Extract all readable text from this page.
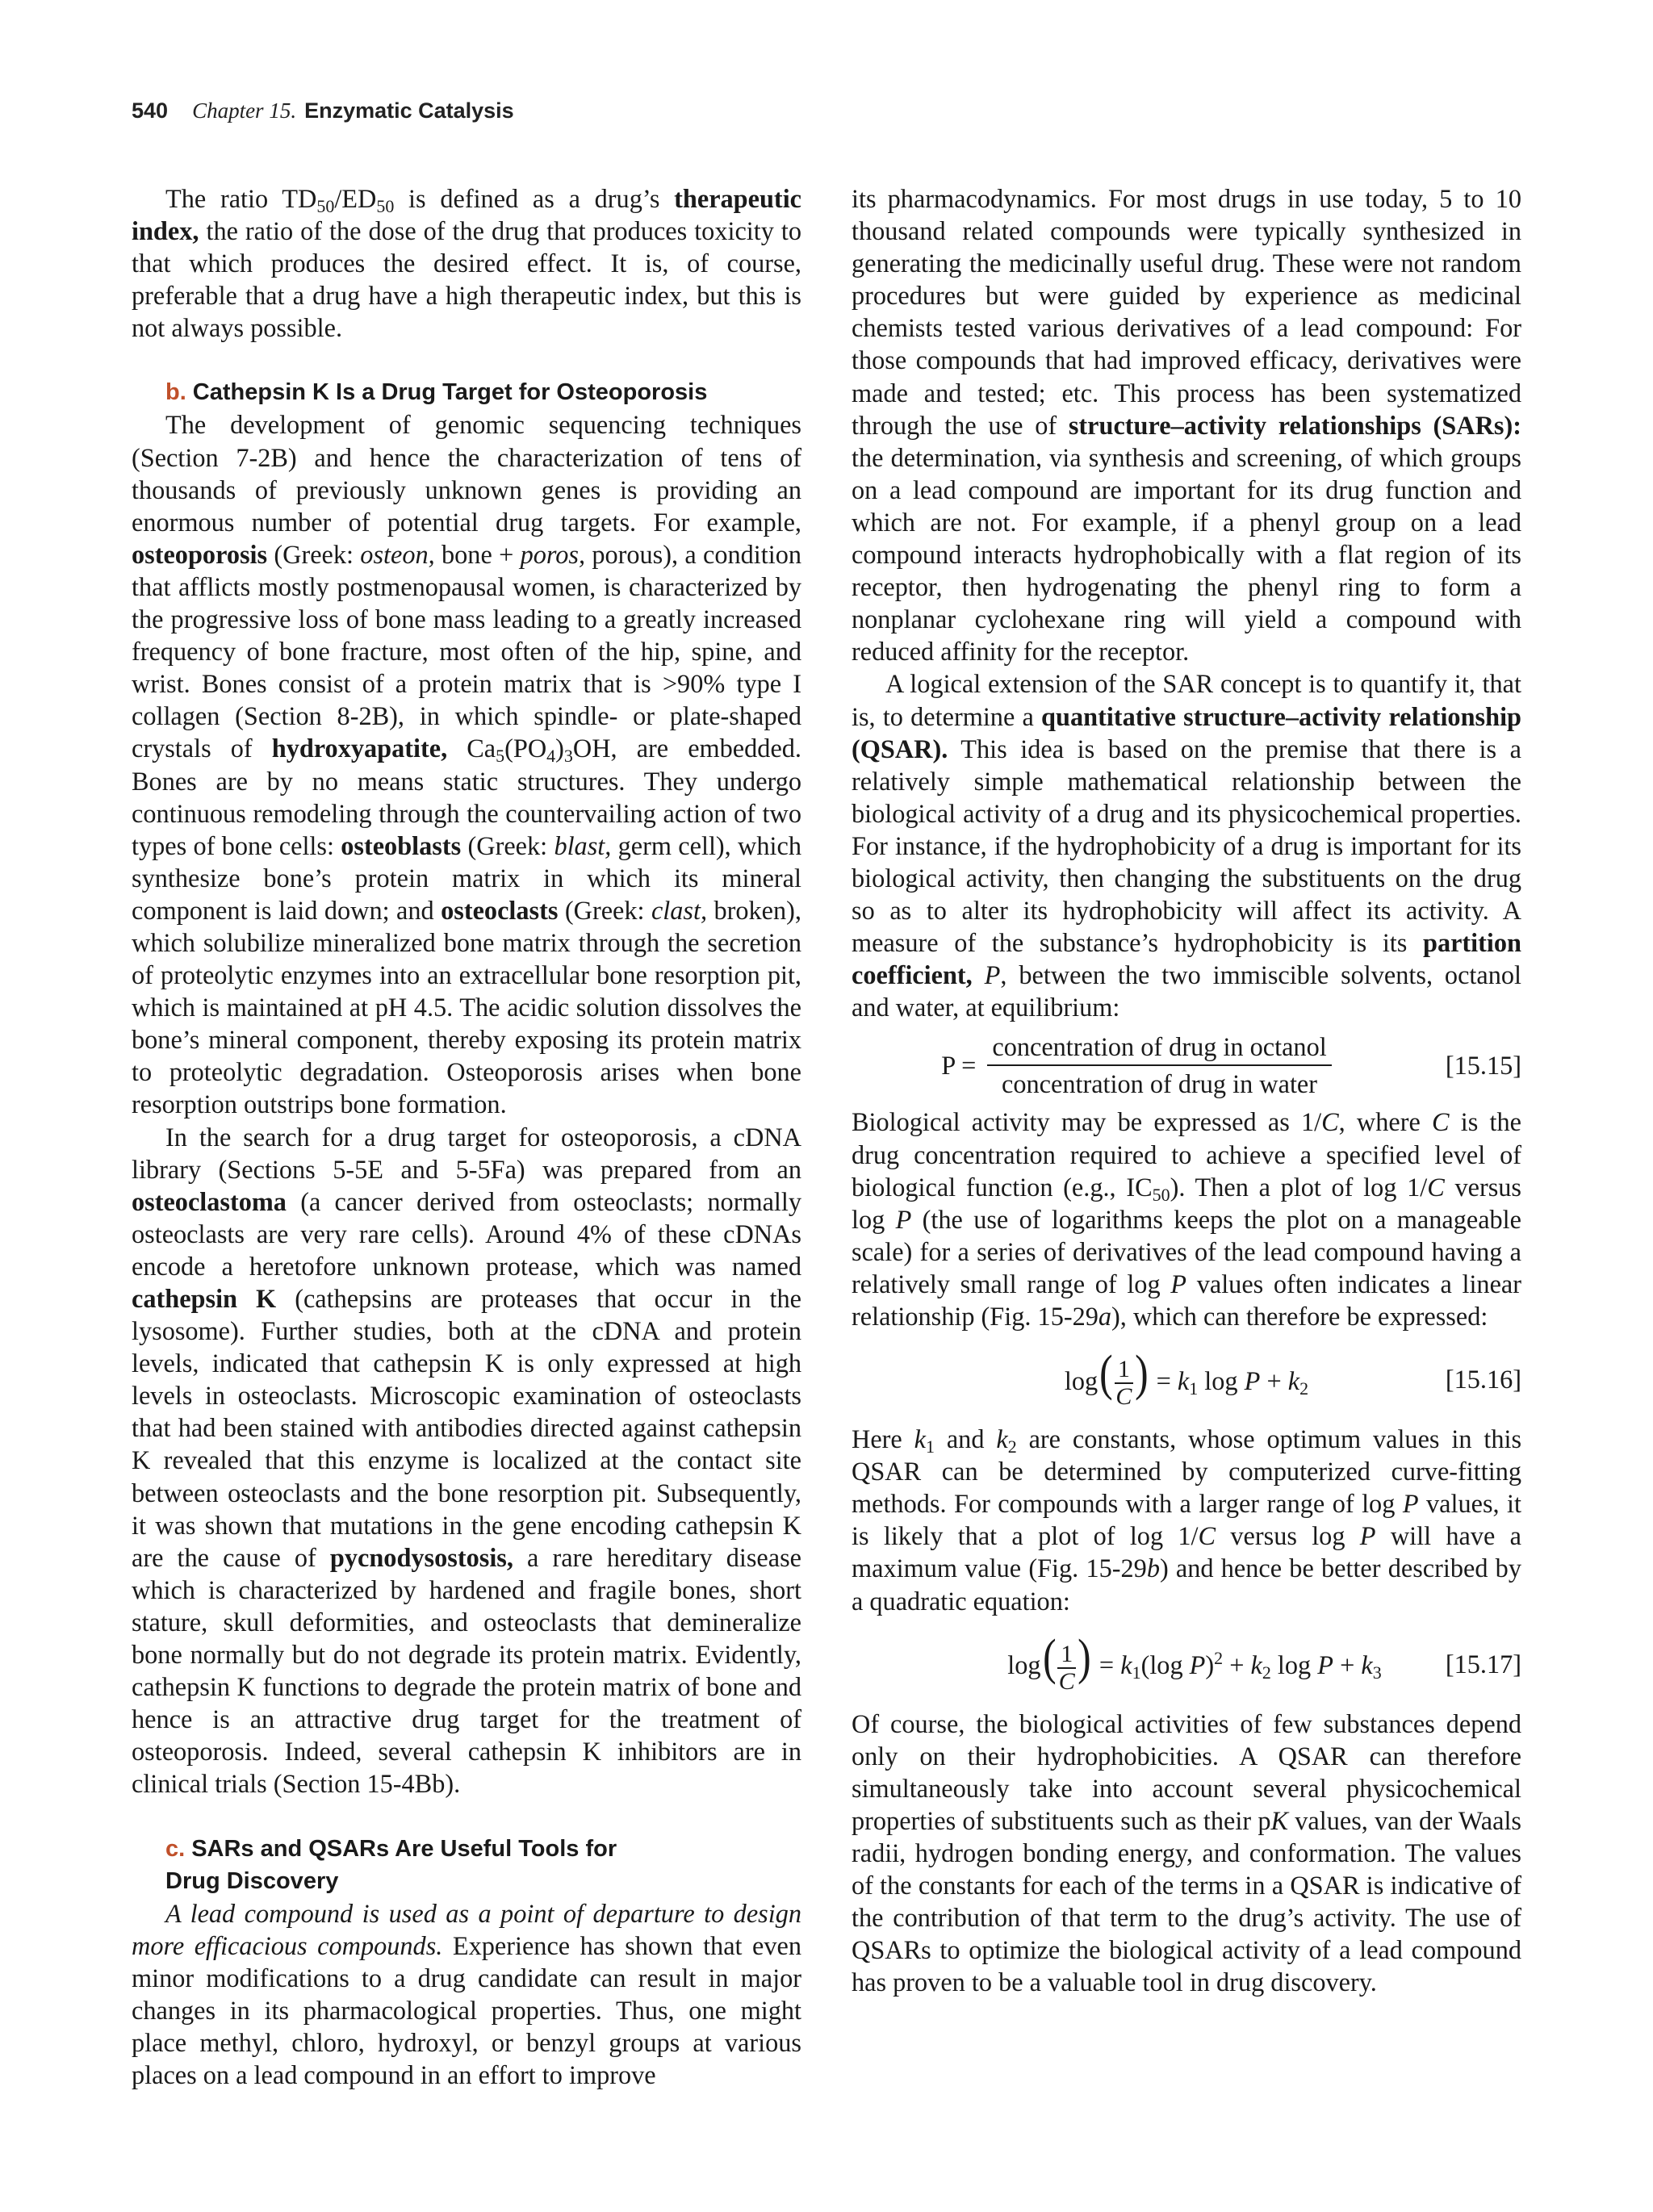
540 Chapter 15. Enzymatic Catalysis

The ratio $TD_{50}/ED_{50}$ is defined as a drug’s therapeutic index, the ratio of the dose of the drug that produces toxicity to that which produces the desired effect. It is, of course, preferable that a drug have a high therapeutic index, but this is not always possible.

b. Cathepsin K Is a Drug Target for Osteoporosis

The development of genomic sequencing techniques (Section 7-2B) and hence the characterization of tens of thousands of previously unknown genes is providing an enormous number of potential drug targets. For example, osteoporosis (Greek: osteon, bone + poros, porous), a condition that afflicts mostly postmenopausal women, is characterized by the progressive loss of bone mass leading to a greatly increased frequency of bone fracture, most often of the hip, spine, and wrist. Bones consist of a protein matrix that is >90% type I collagen (Section 8-2B), in which spindle- or plate-shaped crystals of hydroxyapatite, $Ca_5(PO_4)_3OH$, are embedded. Bones are by no means static structures. They undergo continuous remodeling through the countervailing action of two types of bone cells: osteoblasts (Greek: blast, germ cell), which synthesize bone’s protein matrix in which its mineral component is laid down; and osteoclasts (Greek: clast, broken), which solubilize mineralized bone matrix through the secretion of proteolytic enzymes into an extracellular bone resorption pit, which is maintained at pH 4.5. The acidic solution dissolves the bone’s mineral component, thereby exposing its protein matrix to proteolytic degradation. Osteoporosis arises when bone resorption outstrips bone formation.

In the search for a drug target for osteoporosis, a cDNA library (Sections 5-5E and 5-5Fa) was prepared from an osteoclastoma (a cancer derived from osteoclasts; normally osteoclasts are very rare cells). Around 4% of these cDNAs encode a heretofore unknown protease, which was named cathepsin K (cathepsins are proteases that occur in the lysosome). Further studies, both at the cDNA and protein levels, indicated that cathepsin K is only expressed at high levels in osteoclasts. Microscopic examination of osteoclasts that had been stained with antibodies directed against cathepsin K revealed that this enzyme is localized at the contact site between osteoclasts and the bone resorption pit. Subsequently, it was shown that mutations in the gene encoding cathepsin K are the cause of pycnodysostosis, a rare hereditary disease which is characterized by hardened and fragile bones, short stature, skull deformities, and osteoclasts that demineralize bone normally but do not degrade its protein matrix. Evidently, cathepsin K functions to degrade the protein matrix of bone and hence is an attractive drug target for the treatment of osteoporosis. Indeed, several cathepsin K inhibitors are in clinical trials (Section 15-4Bb).

c. SARs and QSARs Are Useful Tools for
Drug Discovery

A lead compound is used as a point of departure to design more efficacious compounds. Experience has shown that even minor modifications to a drug candidate can result in major changes in its pharmacological properties. Thus, one might place methyl, chloro, hydroxyl, or benzyl groups at various places on a lead compound in an effort to improve

its pharmacodynamics. For most drugs in use today, 5 to 10 thousand related compounds were typically synthesized in generating the medicinally useful drug. These were not random procedures but were guided by experience as medicinal chemists tested various derivatives of a lead compound: For those compounds that had improved efficacy, derivatives were made and tested; etc. This process has been systematized through the use of structure–activity relationships (SARs): the determination, via synthesis and screening, of which groups on a lead compound are important for its drug function and which are not. For example, if a phenyl group on a lead compound interacts hydrophobically with a flat region of its receptor, then hydrogenating the phenyl ring to form a nonplanar cyclohexane ring will yield a compound with reduced affinity for the receptor.

A logical extension of the SAR concept is to quantify it, that is, to determine a quantitative structure–activity relationship (QSAR). This idea is based on the premise that there is a relatively simple mathematical relationship between the biological activity of a drug and its physicochemical properties. For instance, if the hydrophobicity of a drug is important for its biological activity, then changing the substituents on the drug so as to alter its hydrophobicity will affect its activity. A measure of the substance’s hydrophobicity is its partition coefficient, P, between the two immiscible solvents, octanol and water, at equilibrium:

$P = \frac{\text{concentration of drug in octanol}}{\text{concentration of drug in water}}$	[15.15]

Biological activity may be expressed as 1/C, where C is the drug concentration required to achieve a specified level of biological function (e.g., $IC_{50}$). Then a plot of log 1/C versus log P (the use of logarithms keeps the plot on a manageable scale) for a series of derivatives of the lead compound having a relatively small range of log P values often indicates a linear relationship (Fig. 15-29a), which can therefore be expressed:

$\log( \frac{1}{C}$ ) = $k_1$ $\log P + k_2$	[15.16]

Here $k_1$ and $k_2$ are constants, whose optimum values in this QSAR can be determined by computerized curve-fitting methods. For compounds with a larger range of log P values, it is likely that a plot of log 1/C versus log P will have a maximum value (Fig. 15-29b) and hence be better described by a quadratic equation:

$\log( \frac{1}{C}$ ) = $k_1(\log$ $P)^2 + k_2$ $\log P + k_3$ [15.17]

Of course, the biological activities of few substances depend only on their hydrophobicities. A QSAR can therefore simultaneously take into account several physicochemical properties of substituents such as their pK values, van der Waals radii, hydrogen bonding energy, and conformation. The values of the constants for each of the terms in a QSAR is indicative of the contribution of that term to the drug’s activity. The use of QSARs to optimize the biological activity of a lead compound has proven to be a valuable tool in drug discovery.
